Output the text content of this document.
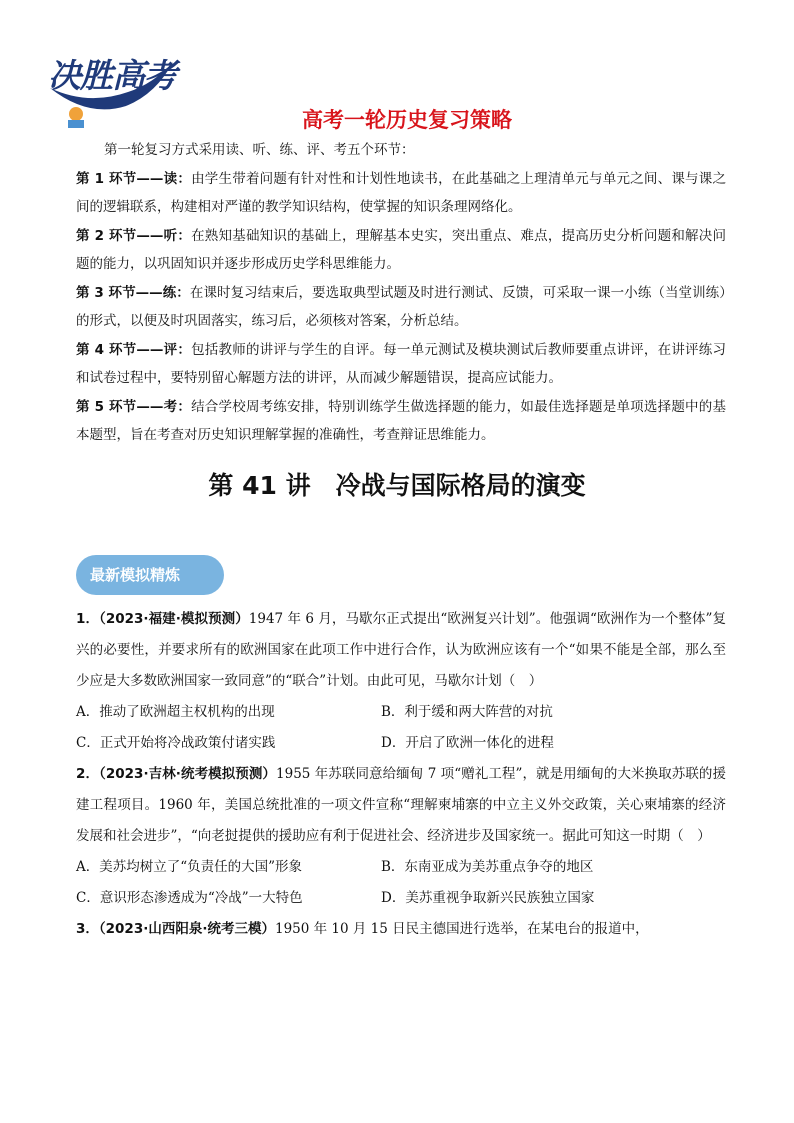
决胜高考
高考一轮历史复习策略

第一轮复习方式采用读、听、练、评、考五个环节：

第 1 环节——读：由学生带着问题有针对性和计划性地读书，在此基础之上理清单元与单元之间、课与课之间的逻辑联系，构建相对严谨的教学知识结构，使掌握的知识条理网络化。

第 2 环节——听：在熟知基础知识的基础上，理解基本史实，突出重点、难点，提高历史分析问题和解决问题的能力，以巩固知识并逐步形成历史学科思维能力。

第 3 环节——练：在课时复习结束后，要选取典型试题及时进行测试、反馈，可采取一课一小练（当堂训练）的形式，以便及时巩固落实，练习后，必须核对答案，分析总结。

第 4 环节——评：包括教师的讲评与学生的自评。每一单元测试及模块测试后教师要重点讲评，在讲评练习和试卷过程中，要特别留心解题方法的讲评，从而减少解题错误，提高应试能力。

第 5 环节——考：结合学校周考练安排，特别训练学生做选择题的能力，如最佳选择题是单项选择题中的基本题型，旨在考查对历史知识理解掌握的准确性，考查辩证思维能力。

第 41 讲　冷战与国际格局的演变
最新模拟精炼

1．（2023·福建·模拟预测）1947 年 6 月，马歇尔正式提出“欧洲复兴计划”。他强调“欧洲作为一个整体”复兴的必要性，并要求所有的欧洲国家在此项工作中进行合作，认为欧洲应该有一个“如果不能是全部，那么至少应是大多数欧洲国家一致同意”的“联合”计划。由此可见，马歇尔计划（　）

A．推动了欧洲超主权机构的出现	B．利于缓和两大阵营的对抗
C．正式开始将冷战政策付诸实践	D．开启了欧洲一体化的进程

2．（2023·吉林·统考模拟预测）1955 年苏联同意给缅甸 7 项“赠礼工程”，就是用缅甸的大米换取苏联的援建工程项目。1960 年，美国总统批准的一项文件宣称“理解柬埔寨的中立主义外交政策，关心柬埔寨的经济发展和社会进步”，“向老挝提供的援助应有利于促进社会、经济进步及国家统一。据此可知这一时期（　）

A．美苏均树立了“负责任的大国”形象	B．东南亚成为美苏重点争夺的地区
C．意识形态渗透成为“冷战”一大特色	D．美苏重视争取新兴民族独立国家

3．（2023·山西阳泉·统考三模）1950 年 10 月 15 日民主德国进行选举，在某电台的报道中，
